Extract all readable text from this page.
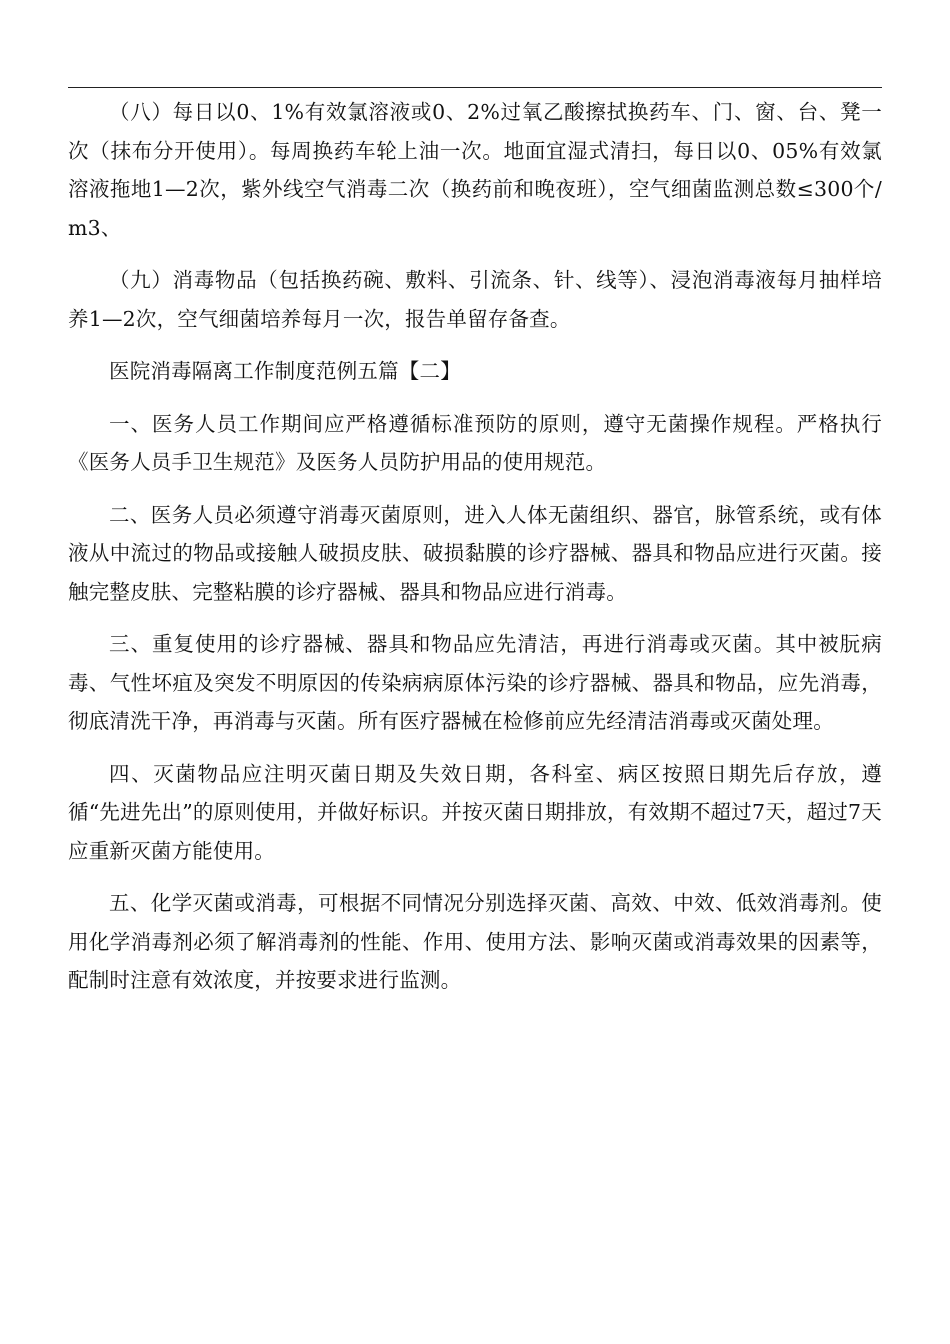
（八）每日以0、1%有效氯溶液或0、2%过氧乙酸擦拭换药车、门、窗、台、凳一次（抹布分开使用）。每周换药车轮上油一次。地面宜湿式清扫，每日以0、05%有效氯溶液拖地1—2次，紫外线空气消毒二次（换药前和晚夜班），空气细菌监测总数≤300个/m3、

（九）消毒物品（包括换药碗、敷料、引流条、针、线等）、浸泡消毒液每月抽样培养1—2次，空气细菌培养每月一次，报告单留存备查。

医院消毒隔离工作制度范例五篇【二】

一、医务人员工作期间应严格遵循标准预防的原则，遵守无菌操作规程。严格执行《医务人员手卫生规范》及医务人员防护用品的使用规范。

二、医务人员必须遵守消毒灭菌原则，进入人体无菌组织、器官，脉管系统，或有体液从中流过的物品或接触人破损皮肤、破损黏膜的诊疗器械、器具和物品应进行灭菌。接触完整皮肤、完整粘膜的诊疗器械、器具和物品应进行消毒。

三、重复使用的诊疗器械、器具和物品应先清洁，再进行消毒或灭菌。其中被朊病毒、气性坏疽及突发不明原因的传染病病原体污染的诊疗器械、器具和物品，应先消毒，彻底清洗干净，再消毒与灭菌。所有医疗器械在检修前应先经清洁消毒或灭菌处理。

四、灭菌物品应注明灭菌日期及失效日期，各科室、病区按照日期先后存放，遵循“先进先出”的原则使用，并做好标识。并按灭菌日期排放，有效期不超过7天，超过7天应重新灭菌方能使用。

五、化学灭菌或消毒，可根据不同情况分别选择灭菌、高效、中效、低效消毒剂。使用化学消毒剂必须了解消毒剂的性能、作用、使用方法、影响灭菌或消毒效果的因素等，配制时注意有效浓度，并按要求进行监测。
